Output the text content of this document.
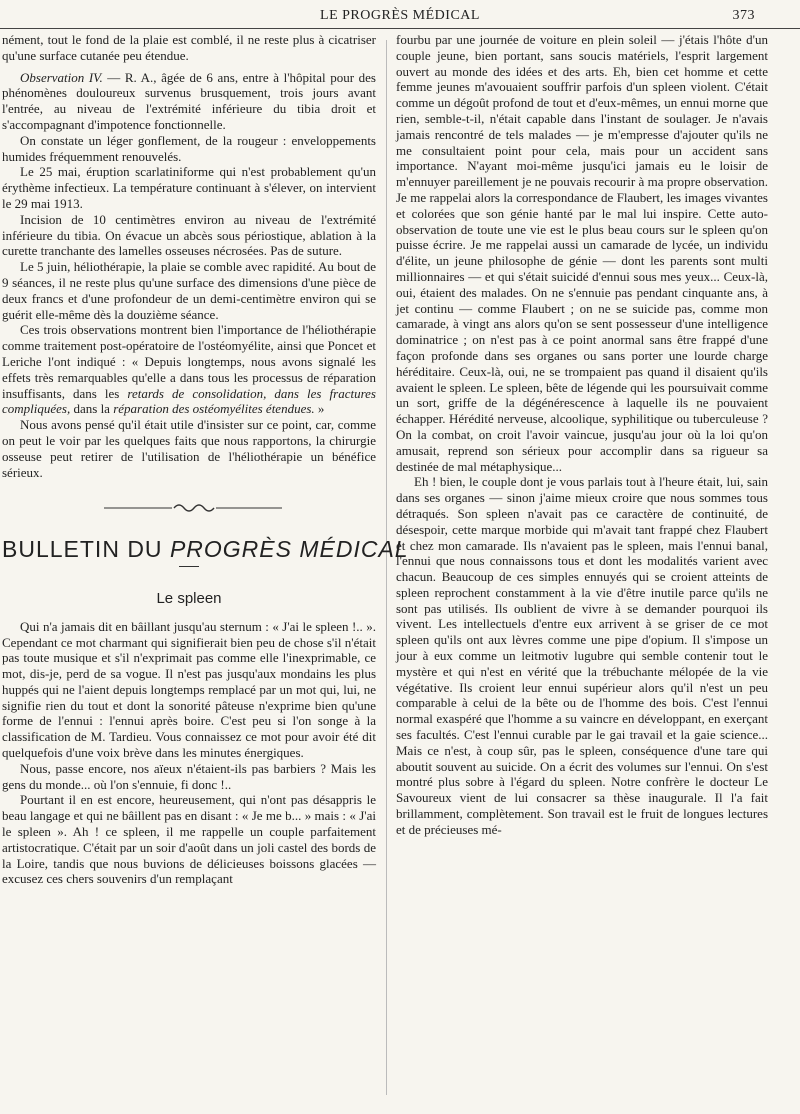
LE PROGRÈS MÉDICAL	373

nément, tout le fond de la plaie est comblé, il ne reste plus à cicatriser qu'une surface cutanée peu étendue.

Observation IV. — R. A., âgée de 6 ans, entre à l'hôpital pour des phénomènes douloureux survenus brusquement, trois jours avant l'entrée, au niveau de l'extrémité inférieure du tibia droit et s'accompagnant d'impotence fonctionnelle.

On constate un léger gonflement, de la rougeur : enveloppements humides fréquemment renouvelés.

Le 25 mai, éruption scarlatiniforme qui n'est probablement qu'un érythème infectieux. La température continuant à s'élever, on intervient le 29 mai 1913.

Incision de 10 centimètres environ au niveau de l'extrémité inférieure du tibia. On évacue un abcès sous périostique, ablation à la curette tranchante des lamelles osseuses nécrosées. Pas de suture.

Le 5 juin, héliothérapie, la plaie se comble avec rapidité. Au bout de 9 séances, il ne reste plus qu'une surface des dimensions d'une pièce de deux francs et d'une profondeur de un demi-centimètre environ qui se guérit elle-même dès la douzième séance.

Ces trois observations montrent bien l'importance de l'héliothérapie comme traitement post-opératoire de l'ostéomyélite, ainsi que Poncet et Leriche l'ont indiqué : « Depuis longtemps, nous avons signalé les effets très remarquables qu'elle a dans tous les processus de réparation insuffisants, dans les retards de consolidation, dans les fractures compliquées, dans la réparation des ostéomyélites étendues. »

Nous avons pensé qu'il était utile d'insister sur ce point, car, comme on peut le voir par les quelques faits que nous rapportons, la chirurgie osseuse peut retirer de l'utilisation de l'héliothérapie un bénéfice sérieux.

BULLETIN DU PROGRÈS MÉDICAL
Le spleen

Qui n'a jamais dit en bâillant jusqu'au sternum : « J'ai le spleen !.. ». Cependant ce mot charmant qui signifierait bien peu de chose s'il n'était pas toute musique et s'il n'exprimait pas comme elle l'inexprimable, ce mot, dis-je, perd de sa vogue. Il n'est pas jusqu'aux mondains les plus huppés qui ne l'aient depuis longtemps remplacé par un mot qui, lui, ne signifie rien du tout et dont la sonorité pâteuse n'exprime bien qu'une forme de l'ennui : l'ennui après boire. C'est peu si l'on songe à la classification de M. Tardieu. Vous connaissez ce mot pour avoir été dit quelquefois d'une voix brève dans les minutes énergiques.

Nous, passe encore, nos aïeux n'étaient-ils pas barbiers ? Mais les gens du monde... où l'on s'ennuie, fi donc !..

Pourtant il en est encore, heureusement, qui n'ont pas désappris le beau langage et qui ne bâillent pas en disant : « Je me b... » mais : « J'ai le spleen ». Ah ! ce spleen, il me rappelle un couple parfaitement artistocratique. C'était par un soir d'août dans un joli castel des bords de la Loire, tandis que nous buvions de délicieuses boissons glacées — excusez ces chers souvenirs d'un remplaçant

fourbu par une journée de voiture en plein soleil — j'étais l'hôte d'un couple jeune, bien portant, sans soucis matériels, l'esprit largement ouvert au monde des idées et des arts. Eh, bien cet homme et cette femme jeunes m'avouaient souffrir parfois d'un spleen violent. C'était comme un dégoût profond de tout et d'eux-mêmes, un ennui morne que rien, semble-t-il, n'était capable dans l'instant de soulager. Je n'avais jamais rencontré de tels malades — je m'empresse d'ajouter qu'ils ne me consultaient point pour cela, mais pour un accident sans importance. N'ayant moi-même jusqu'ici jamais eu le loisir de m'ennuyer pareillement je ne pouvais recourir à ma propre observation. Je me rappelai alors la correspondance de Flaubert, les images vivantes et colorées que son génie hanté par le mal lui inspire. Cette auto-observation de toute une vie est le plus beau cours sur le spleen qu'on puisse écrire. Je me rappelai aussi un camarade de lycée, un individu d'élite, un jeune philosophe de génie — dont les parents sont multi millionnaires — et qui s'était suicidé d'ennui sous mes yeux... Ceux-là, oui, étaient des malades. On ne s'ennuie pas pendant cinquante ans, à jet continu — comme Flaubert ; on ne se suicide pas, comme mon camarade, à vingt ans alors qu'on se sent possesseur d'une intelligence dominatrice ; on n'est pas à ce point anormal sans être frappé d'une façon profonde dans ses organes ou sans porter une lourde charge héréditaire. Ceux-là, oui, ne se trompaient pas quand il disaient qu'ils avaient le spleen. Le spleen, bête de légende qui les poursuivait comme un sort, griffe de la dégénérescence à laquelle ils ne pouvaient échapper. Hérédité nerveuse, alcoolique, syphilitique ou tuberculeuse ? On la combat, on croit l'avoir vaincue, jusqu'au jour où la loi qu'on amusait, reprend son sérieux pour accomplir dans sa rigueur sa destinée de mal métaphysique...

Eh ! bien, le couple dont je vous parlais tout à l'heure était, lui, sain dans ses organes — sinon j'aime mieux croire que nous sommes tous détraqués. Son spleen n'avait pas ce caractère de continuité, de désespoir, cette marque morbide qui m'avait tant frappé chez Flaubert et chez mon camarade. Ils n'avaient pas le spleen, mais l'ennui banal, l'ennui que nous connaissons tous et dont les modalités varient avec chacun. Beaucoup de ces simples ennuyés qui se croient atteints de spleen reprochent constamment à la vie d'être inutile parce qu'ils ne sont pas utilisés. Ils oublient de vivre à se demander pourquoi ils vivent. Les intellectuels d'entre eux arrivent à se griser de ce mot spleen qu'ils ont aux lèvres comme une pipe d'opium. Il s'impose un jour à eux comme un leitmotiv lugubre qui semble contenir tout le mystère et qui n'est en vérité que la trébuchante mélopée de la vie végétative. Ils croient leur ennui supérieur alors qu'il n'est un peu comparable à celui de la bête ou de l'homme des bois. C'est l'ennui normal exaspéré que l'homme a su vaincre en développant, en exerçant ses facultés. C'est l'ennui curable par le gai travail et la gaie science... Mais ce n'est, à coup sûr, pas le spleen, conséquence d'une tare qui aboutit souvent au suicide. On a écrit des volumes sur l'ennui. On s'est montré plus sobre à l'égard du spleen. Notre confrère le docteur Le Savoureux vient de lui consacrer sa thèse inaugurale. Il l'a fait brillamment, complètement. Son travail est le fruit de longues lectures et de précieuses mé-
